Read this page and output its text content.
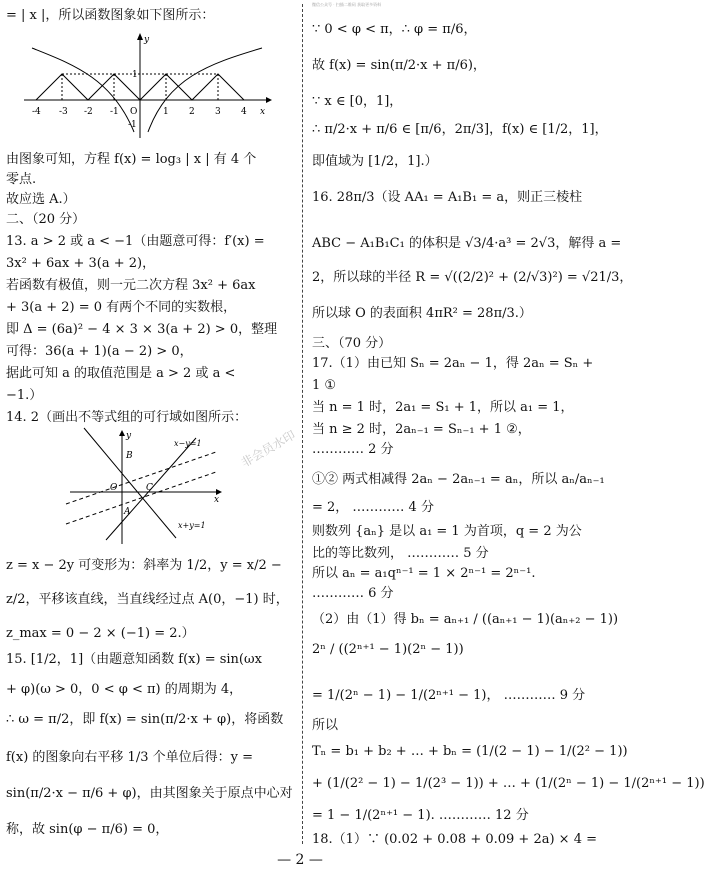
微信公众号 · 扫描二维码 获取更多资料
= | x |，所以函数图象如下图所示：
-4 -3 -2 -1 O	1 2 3 4
y
x
1
-1
由图象可知，方程 f(x) = log₃ | x | 有 4 个
零点.
故应选 A.）
二、（20 分）
13. a > 2 或 a < −1（由题意可得：f′(x) =
3x² + 6ax + 3(a + 2)，
若函数有极值，则一元二次方程 3x² + 6ax
+ 3(a + 2) = 0 有两个不同的实数根，
即 Δ = (6a)² − 4 × 3 × 3(a + 2) > 0，整理
可得：36(a + 1)(a − 2) > 0，
据此可知 a 的取值范围是 a > 2 或 a <
−1.）
14. 2（画出不等式组的可行域如图所示：
x−y=1
x+y=1
B
O	C
A
x
y
z = x − 2y 可变形为：斜率为 1/2，y = x/2 −
z/2，平移该直线，当直线经过点 A(0，−1) 时，
z_max = 0 − 2 × (−1) = 2.）
15. [1/2，1]（由题意知函数 f(x) = sin(ωx
+ φ)(ω > 0，0 < φ < π) 的周期为 4，
∴ ω = π/2，即 f(x) = sin(π/2·x + φ)，将函数
f(x) 的图象向右平移 1/3 个单位后得：y =
sin(π/2·x − π/6 + φ)，由其图象关于原点中心对
称，故 sin(φ − π/6) = 0，
∵ 0 < φ < π，∴ φ = π/6，
故 f(x) = sin(π/2·x + π/6)，
∵ x ∈ [0，1]，
∴ π/2·x + π/6 ∈ [π/6，2π/3]，f(x) ∈ [1/2，1]，
即值域为 [1/2，1].）
16. 28π/3（设 AA₁ = A₁B₁ = a，则正三棱柱
ABC − A₁B₁C₁ 的体积是 √3/4·a³ = 2√3，解得 a =
2，所以球的半径 R = √((2/2)² + (2/√3)²) = √21/3，
所以球 O 的表面积 4πR² = 28π/3.）
三、（70 分）
17.（1）由已知 Sₙ = 2aₙ − 1，得 2aₙ = Sₙ +
1 ①
当 n = 1 时，2a₁ = S₁ + 1，所以 a₁ = 1，
当 n ≥ 2 时，2aₙ₋₁ = Sₙ₋₁ + 1 ②，
………… 2 分
①② 两式相减得 2aₙ − 2aₙ₋₁ = aₙ，所以 aₙ/aₙ₋₁
= 2， ………… 4 分
则数列 {aₙ} 是以 a₁ = 1 为首项，q = 2 为公
比的等比数列， ………… 5 分
所以 aₙ = a₁qⁿ⁻¹ = 1 × 2ⁿ⁻¹ = 2ⁿ⁻¹.
………… 6 分
（2）由（1）得 bₙ = aₙ₊₁ / ((aₙ₊₁ − 1)(aₙ₊₂ − 1))
2ⁿ / ((2ⁿ⁺¹ − 1)(2ⁿ − 1))
= 1/(2ⁿ − 1) − 1/(2ⁿ⁺¹ − 1)， ………… 9 分
所以
Tₙ = b₁ + b₂ + … + bₙ = (1/(2 − 1) − 1/(2² − 1))
+ (1/(2² − 1) − 1/(2³ − 1)) + … + (1/(2ⁿ − 1) − 1/(2ⁿ⁺¹ − 1))
= 1 − 1/(2ⁿ⁺¹ − 1). ………… 12 分
18.（1）∵ (0.02 + 0.08 + 0.09 + 2a) × 4 =
非会员水印
— 2 —
